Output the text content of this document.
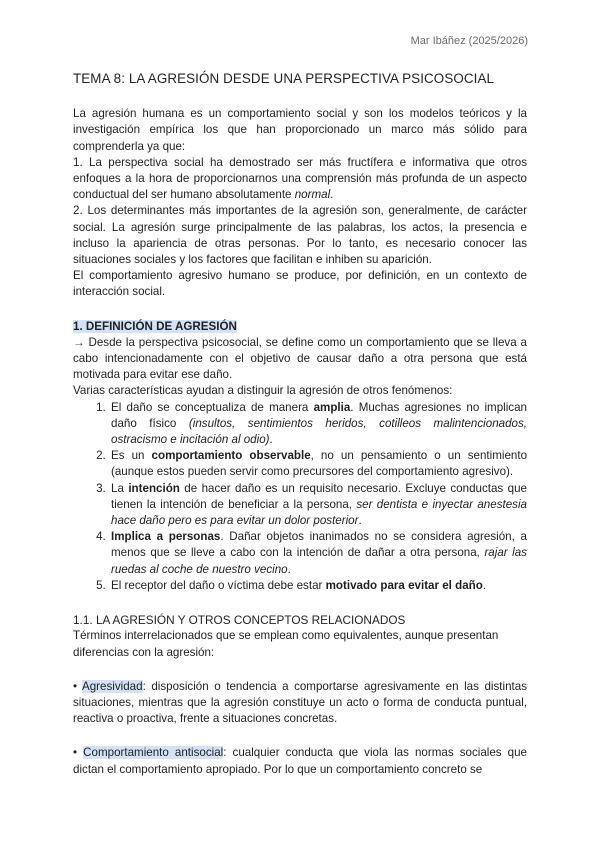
Mar Ibáñez (2025/2026)

TEMA 8: LA AGRESIÓN DESDE UNA PERSPECTIVA PSICOSOCIAL

La agresión humana es un comportamiento social y son los modelos teóricos y la investigación empírica los que han proporcionado un marco más sólido para comprenderla ya que:

1. La perspectiva social ha demostrado ser más fructífera e informativa que otros enfoques a la hora de proporcionarnos una comprensión más profunda de un aspecto conductual del ser humano absolutamente normal.

2. Los determinantes más importantes de la agresión son, generalmente, de carácter social. La agresión surge principalmente de las palabras, los actos, la presencia e incluso la apariencia de otras personas. Por lo tanto, es necesario conocer las situaciones sociales y los factores que facilitan e inhiben su aparición.

El comportamiento agresivo humano se produce, por definición, en un contexto de interacción social.

1. DEFINICIÓN DE AGRESIÓN

→ Desde la perspectiva psicosocial, se define como un comportamiento que se lleva a cabo intencionadamente con el objetivo de causar daño a otra persona que está motivada para evitar ese daño.

Varias características ayudan a distinguir la agresión de otros fenómenos:

1. El daño se conceptualiza de manera amplia. Muchas agresiones no implican daño físico (insultos, sentimientos heridos, cotilleos malintencionados, ostracismo e incitación al odio).
2. Es un comportamiento observable, no un pensamiento o un sentimiento (aunque estos pueden servir como precursores del comportamiento agresivo).
3. La intención de hacer daño es un requisito necesario. Excluye conductas que tienen la intención de beneficiar a la persona, ser dentista e inyectar anestesia hace daño pero es para evitar un dolor posterior.
4. Implica a personas. Dañar objetos inanimados no se considera agresión, a menos que se lleve a cabo con la intención de dañar a otra persona, rajar las ruedas al coche de nuestro vecino.
5. El receptor del daño o víctima debe estar motivado para evitar el daño.

1.1. LA AGRESIÓN Y OTROS CONCEPTOS RELACIONADOS

Términos interrelacionados que se emplean como equivalentes, aunque presentan diferencias con la agresión:

• Agresividad: disposición o tendencia a comportarse agresivamente en las distintas situaciones, mientras que la agresión constituye un acto o forma de conducta puntual, reactiva o proactiva, frente a situaciones concretas.

• Comportamiento antisocial: cualquier conducta que viola las normas sociales que dictan el comportamiento apropiado. Por lo que un comportamiento concreto se
